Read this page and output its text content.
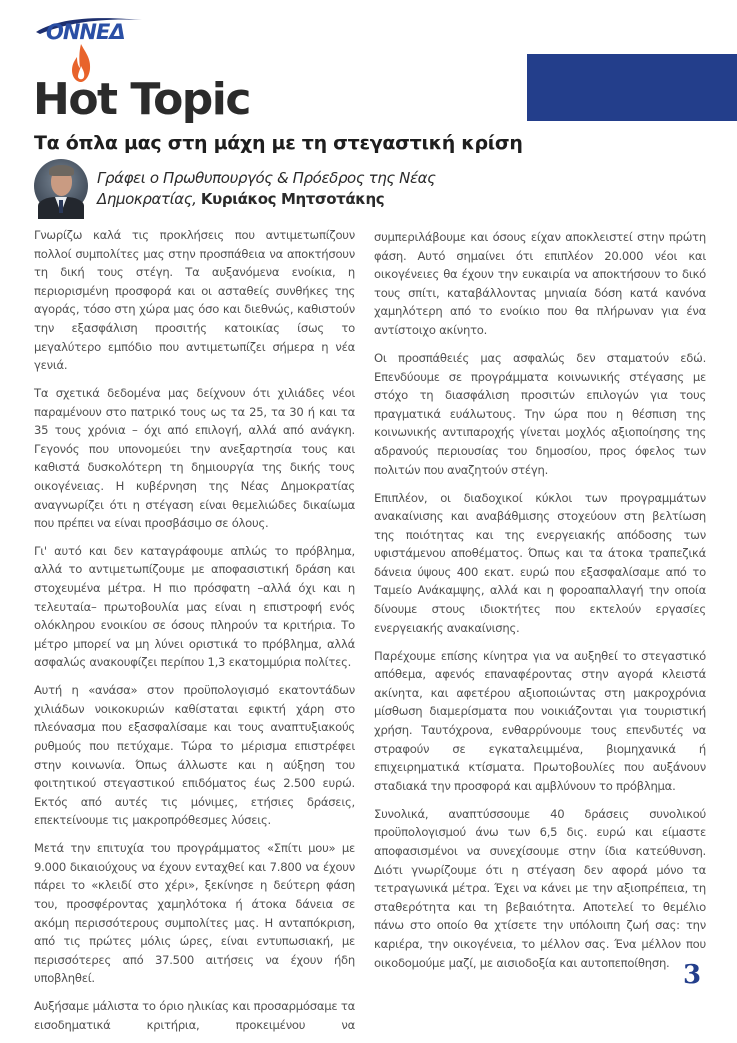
ΟΝΝΕΔ
Hot Topic
Τα όπλα μας στη μάχη με τη στεγαστική κρίση
Γράφει ο Πρωθυπουργός & Πρόεδρος της Νέας
Δημοκρατίας, Κυριάκος Μητσοτάκης

Γνωρίζω καλά τις προκλήσεις που αντιμετωπίζουν πολλοί συμπολίτες μας στην προσπάθεια να αποκτήσουν τη δική τους στέγη. Τα αυξανόμενα ενοίκια, η περιορισμένη προσφορά και οι ασταθείς συνθήκες της αγοράς, τόσο στη χώρα μας όσο και διεθνώς, καθιστούν την εξασφάλιση προσιτής κατοικίας ίσως το μεγαλύτερο εμπόδιο που αντιμετωπίζει σήμερα η νέα γενιά.

Τα σχετικά δεδομένα μας δείχνουν ότι χιλιάδες νέοι παραμένουν στο πατρικό τους ως τα 25, τα 30 ή και τα 35 τους χρόνια – όχι από επιλογή, αλλά από ανάγκη. Γεγονός που υπονομεύει την ανεξαρτησία τους και καθιστά δυσκολότερη τη δημιουργία της δικής τους οικογένειας. Η κυβέρνηση της Νέας Δημοκρατίας αναγνωρίζει ότι η στέγαση είναι θεμελιώδες δικαίωμα που πρέπει να είναι προσβάσιμο σε όλους.

Γι' αυτό και δεν καταγράφουμε απλώς το πρόβλημα, αλλά το αντιμετωπίζουμε με αποφασιστική δράση και στοχευμένα μέτρα. Η πιο πρόσφατη –αλλά όχι και η τελευταία– πρωτοβουλία μας είναι η επιστροφή ενός ολόκληρου ενοικίου σε όσους πληρούν τα κριτήρια. Το μέτρο μπορεί να μη λύνει οριστικά το πρόβλημα, αλλά ασφαλώς ανακουφίζει περίπου 1,3 εκατομμύρια πολίτες.

Αυτή η «ανάσα» στον προϋπολογισμό εκατοντάδων χιλιάδων νοικοκυριών καθίσταται εφικτή χάρη στο πλεόνασμα που εξασφαλίσαμε και τους αναπτυξιακούς ρυθμούς που πετύχαμε. Τώρα το μέρισμα επιστρέφει στην κοινωνία. Όπως άλλωστε και η αύξηση του φοιτητικού στεγαστικού επιδόματος έως 2.500 ευρώ. Εκτός από αυτές τις μόνιμες, ετήσιες δράσεις, επεκτείνουμε τις μακροπρόθεσμες λύσεις.

Μετά την επιτυχία του προγράμματος «Σπίτι μου» με 9.000 δικαιούχους να έχουν ενταχθεί και 7.800 να έχουν πάρει το «κλειδί στο χέρι», ξεκίνησε η δεύτερη φάση του, προσφέροντας χαμηλότοκα ή άτοκα δάνεια σε ακόμη περισσότερους συμπολίτες μας. Η ανταπόκριση, από τις πρώτες μόλις ώρες, είναι εντυπωσιακή, με περισσότερες από 37.500 αιτήσεις να έχουν ήδη υποβληθεί.

Αυξήσαμε μάλιστα το όριο ηλικίας και προσαρμόσαμε τα εισοδηματικά κριτήρια, προκειμένου να

συμπεριλάβουμε και όσους είχαν αποκλειστεί στην πρώτη φάση. Αυτό σημαίνει ότι επιπλέον 20.000 νέοι και οικογένειες θα έχουν την ευκαιρία να αποκτήσουν το δικό τους σπίτι, καταβάλλοντας μηνιαία δόση κατά κανόνα χαμηλότερη από το ενοίκιο που θα πλήρωναν για ένα αντίστοιχο ακίνητο.

Οι προσπάθειές μας ασφαλώς δεν σταματούν εδώ. Επενδύουμε σε προγράμματα κοινωνικής στέγασης με στόχο τη διασφάλιση προσιτών επιλογών για τους πραγματικά ευάλωτους. Την ώρα που η θέσπιση της κοινωνικής αντιπαροχής γίνεται μοχλός αξιοποίησης της αδρανούς περιουσίας του δημοσίου, προς όφελος των πολιτών που αναζητούν στέγη.

Επιπλέον, οι διαδοχικοί κύκλοι των προγραμμάτων ανακαίνισης και αναβάθμισης στοχεύουν στη βελτίωση της ποιότητας και της ενεργειακής απόδοσης των υφιστάμενου αποθέματος. Όπως και τα άτοκα τραπεζικά δάνεια ύψους 400 εκατ. ευρώ που εξασφαλίσαμε από το Ταμείο Ανάκαμψης, αλλά και η φοροαπαλλαγή την οποία δίνουμε στους ιδιοκτήτες που εκτελούν εργασίες ενεργειακής ανακαίνισης.

Παρέχουμε επίσης κίνητρα για να αυξηθεί το στεγαστικό απόθεμα, αφενός επαναφέροντας στην αγορά κλειστά ακίνητα, και αφετέρου αξιοποιώντας στη μακροχρόνια μίσθωση διαμερίσματα που νοικιάζονται για τουριστική χρήση. Ταυτόχρονα, ενθαρρύνουμε τους επενδυτές να στραφούν σε εγκαταλειμμένα, βιομηχανικά ή επιχειρηματικά κτίσματα. Πρωτοβουλίες που αυξάνουν σταδιακά την προσφορά και αμβλύνουν το πρόβλημα.

Συνολικά, αναπτύσσουμε 40 δράσεις συνολικού προϋπολογισμού άνω των 6,5 δις. ευρώ και είμαστε αποφασισμένοι να συνεχίσουμε στην ίδια κατεύθυνση. Διότι γνωρίζουμε ότι η στέγαση δεν αφορά μόνο τα τετραγωνικά μέτρα. Έχει να κάνει με την αξιοπρέπεια, τη σταθερότητα και τη βεβαιότητα. Αποτελεί το θεμέλιο πάνω στο οποίο θα χτίσετε την υπόλοιπη ζωή σας: την καριέρα, την οικογένεια, το μέλλον σας. Ένα μέλλον που οικοδομούμε μαζί, με αισιοδοξία και αυτοπεποίθηση. 3
